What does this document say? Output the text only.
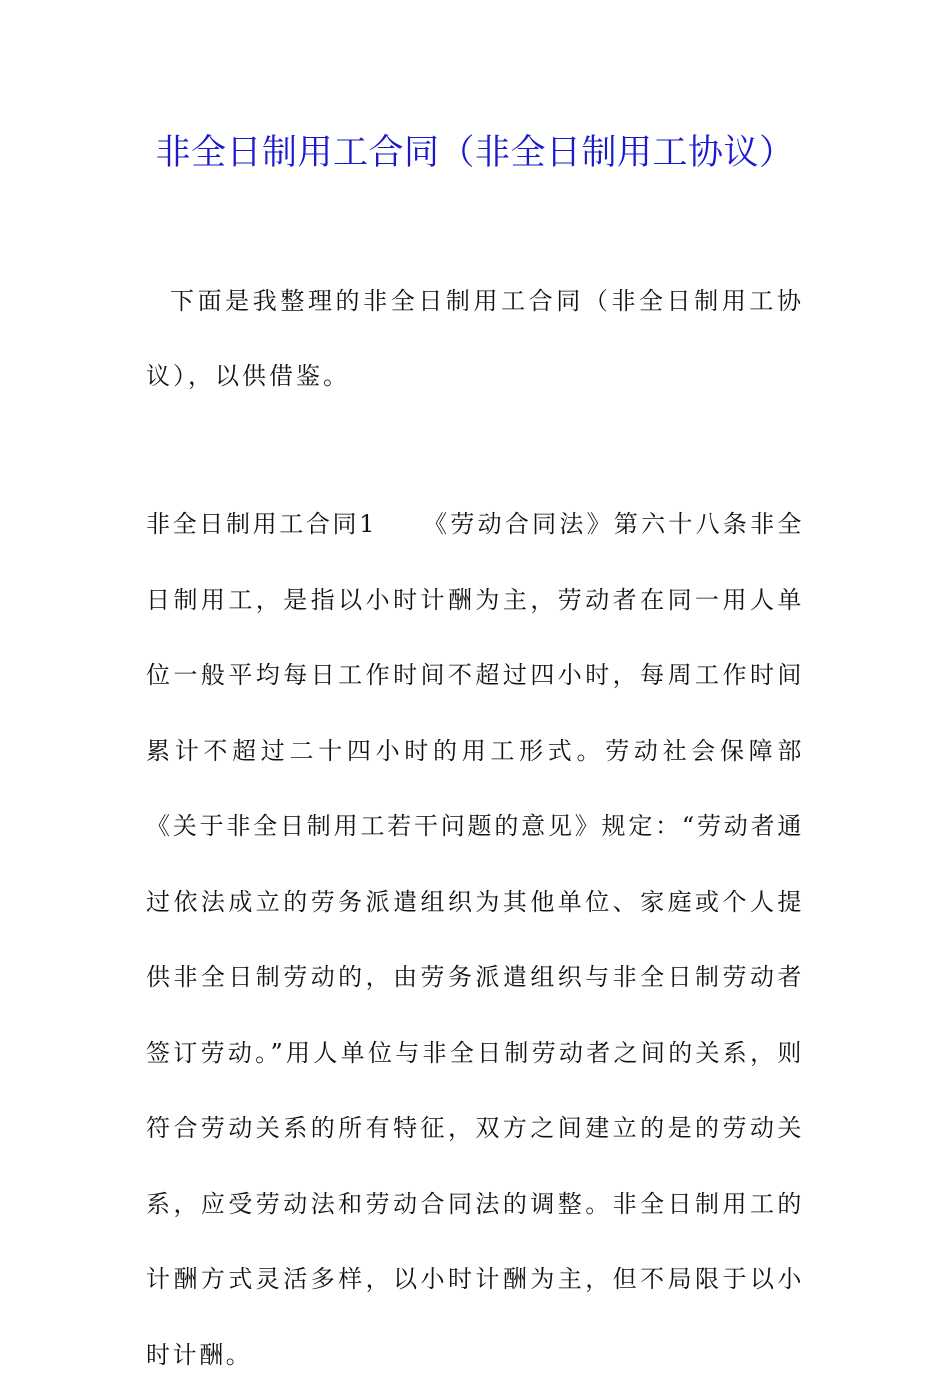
非全日制用工合同（非全日制用工协议）

下面是我整理的非全日制用工合同（非全日制用工协议），以供借鉴。

非全日制用工合同1 《劳动合同法》第六十八条非全日制用工，是指以小时计酬为主，劳动者在同一用人单位一般平均每日工作时间不超过四小时，每周工作时间累计不超过二十四小时的用工形式。劳动社会保障部《关于非全日制用工若干问题的意见》规定：“劳动者通过依法成立的劳务派遣组织为其他单位、家庭或个人提供非全日制劳动的，由劳务派遣组织与非全日制劳动者签订劳动。”用人单位与非全日制劳动者之间的关系，则符合劳动关系的所有特征，双方之间建立的是的劳动关系，应受劳动法和劳动合同法的调整。非全日制用工的计酬方式灵活多样，以小时计酬为主，但不局限于以小时计酬。
